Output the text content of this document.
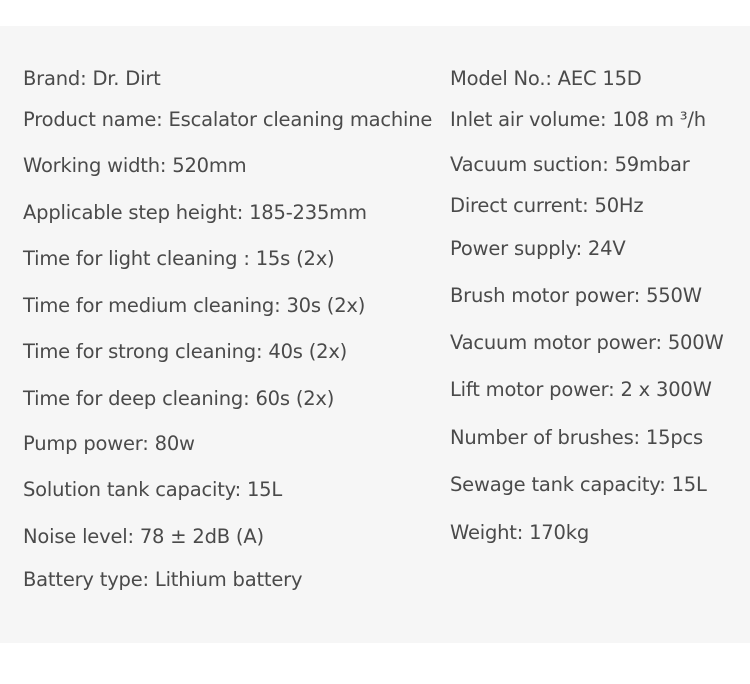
Brand: Dr. Dirt
Product name: Escalator cleaning machine
Working width: 520mm
Applicable step height: 185-235mm
Time for light cleaning : 15s (2x)
Time for medium cleaning: 30s (2x)
Time for strong cleaning: 40s (2x)
Time for deep cleaning: 60s (2x)
Pump power: 80w
Solution tank capacity: 15L
Noise level: 78 ± 2dB (A)
Battery type: Lithium battery
Model No.: AEC 15D
Inlet air volume: 108 m ³/h
Vacuum suction: 59mbar
Direct current: 50Hz
Power supply: 24V
Brush motor power: 550W
Vacuum motor power: 500W
Lift motor power: 2 x 300W
Number of brushes: 15pcs
Sewage tank capacity: 15L
Weight: 170kg
